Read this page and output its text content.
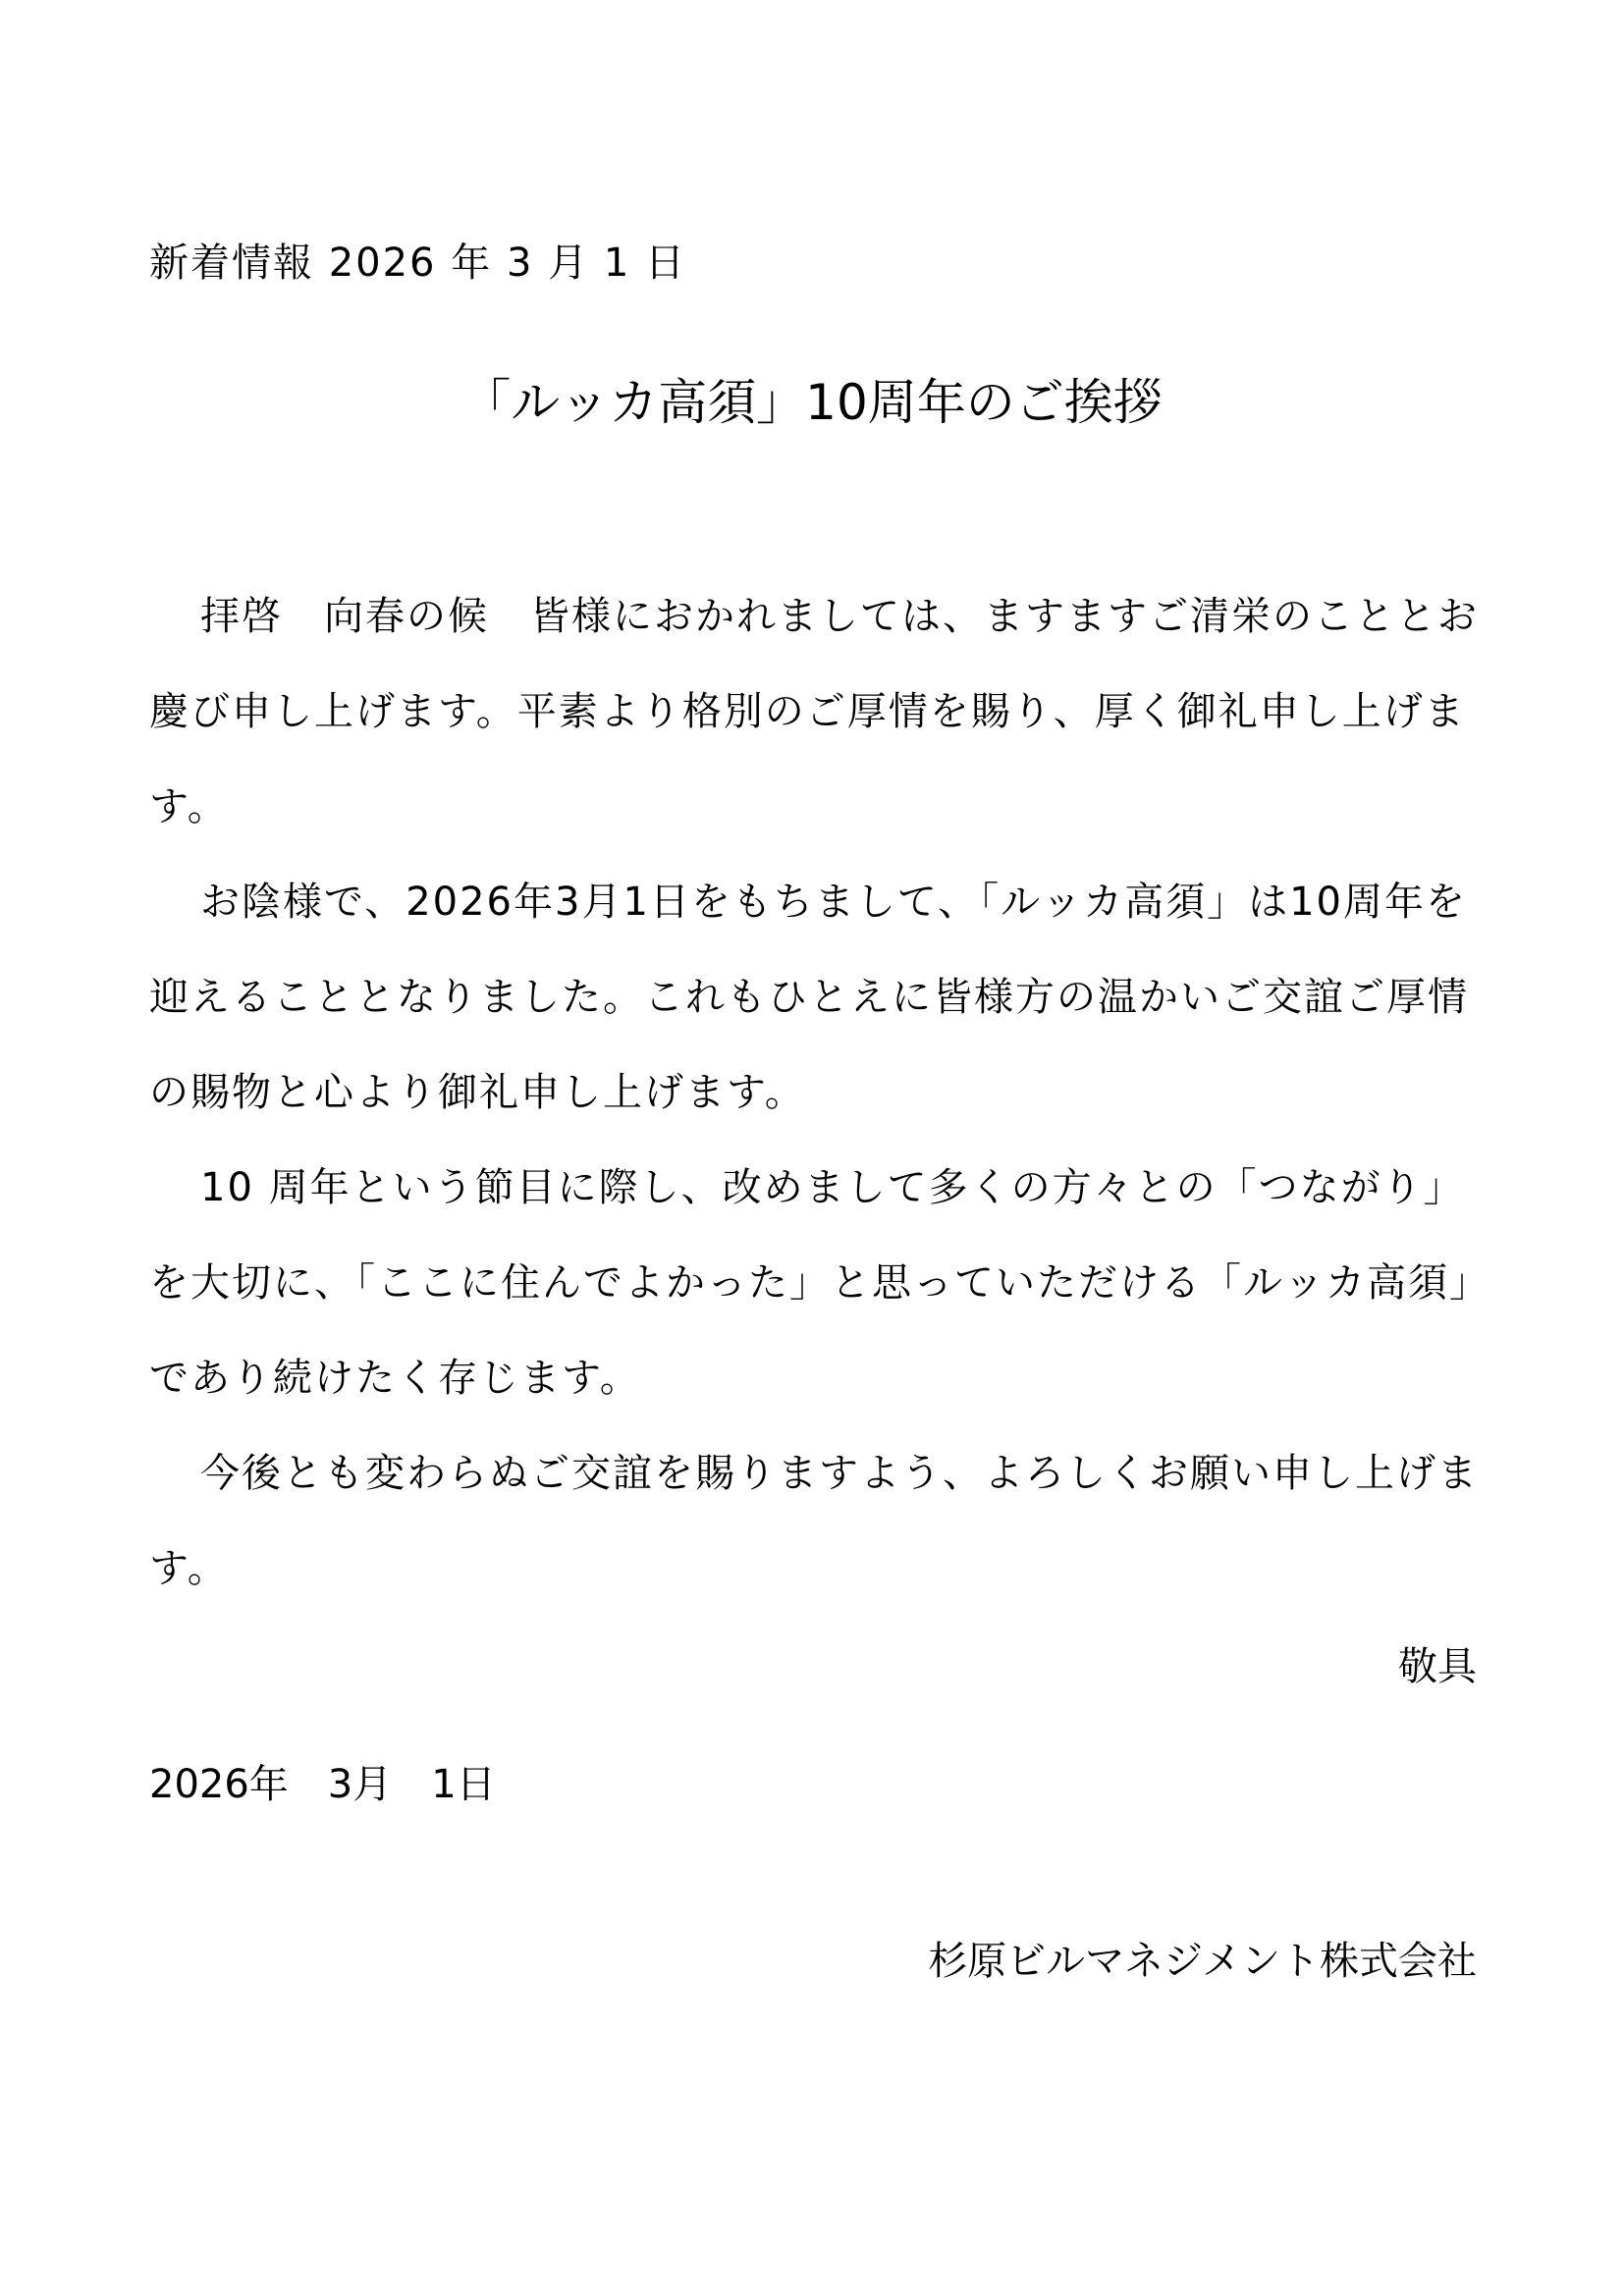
新着情報 2026 年 3 月 1 日
「ルッカ高須」10周年のご挨拶

拝啓　向春の候　皆様におかれましては、ますますご清栄のこととお慶び申し上げます。平素より格別のご厚情を賜り、厚く御礼申し上げます。

お陰様で、2026年3月1日をもちまして、「ルッカ高須」は10周年を迎えることとなりました。これもひとえに皆様方の温かいご交誼ご厚情の賜物と心より御礼申し上げます。

10 周年という節目に際し、改めまして多くの方々との「つながり」を大切に、「ここに住んでよかった」と思っていただける「ルッカ高須」であり続けたく存じます。

今後とも変わらぬご交誼を賜りますよう、よろしくお願い申し上げます。

敬具
2026年　3月　1日
杉原ビルマネジメント株式会社
